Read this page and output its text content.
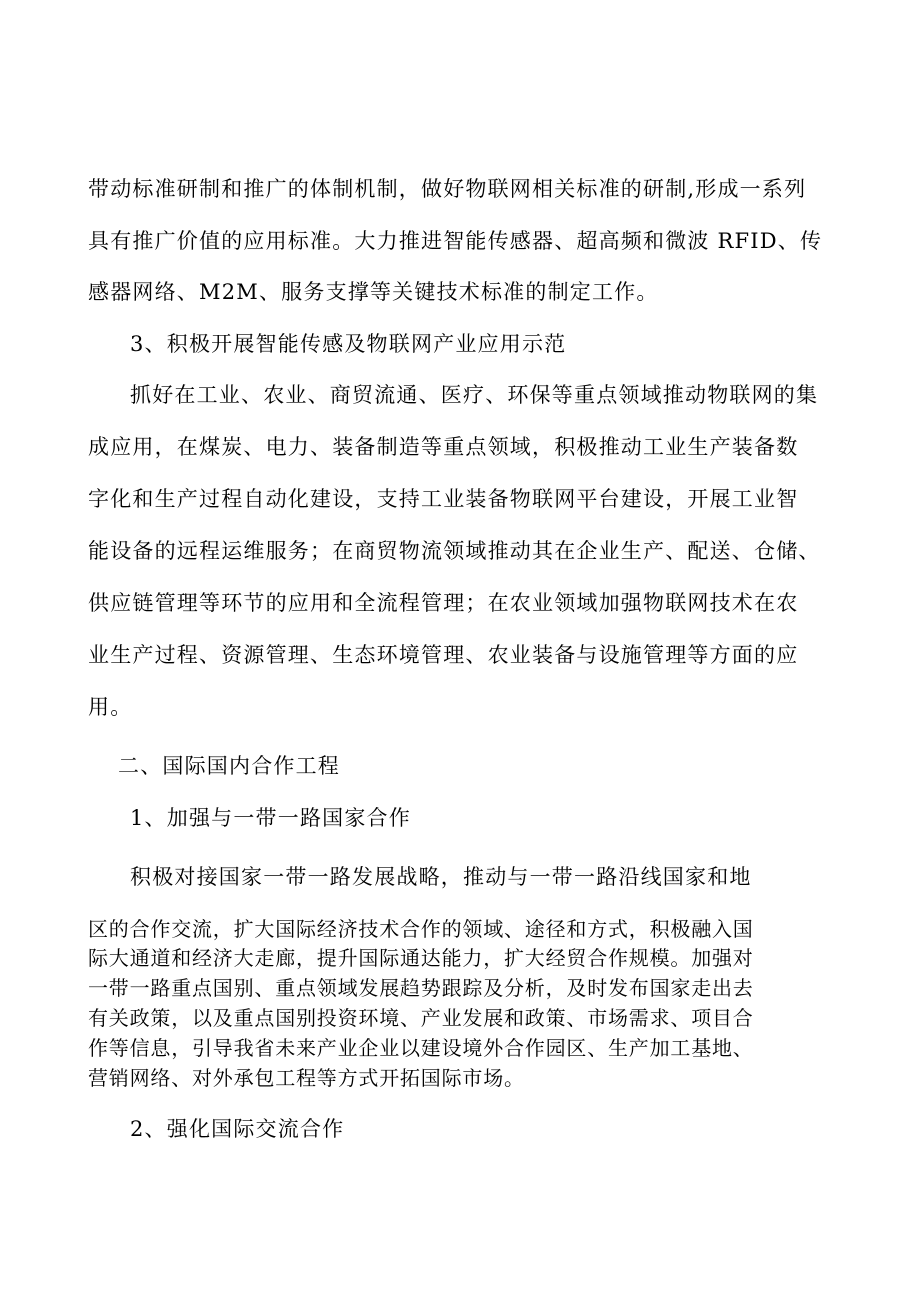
带动标准研制和推广的体制机制，做好物联网相关标准的研制,形成一系列
具有推广价值的应用标准。大力推进智能传感器、超高频和微波 RFID、传
感器网络、M2M、服务支撑等关键技术标准的制定工作。
3、积极开展智能传感及物联网产业应用示范
抓好在工业、农业、商贸流通、医疗、环保等重点领域推动物联网的集
成应用，在煤炭、电力、装备制造等重点领域，积极推动工业生产装备数
字化和生产过程自动化建设，支持工业装备物联网平台建设，开展工业智
能设备的远程运维服务；在商贸物流领域推动其在企业生产、配送、仓储、
供应链管理等环节的应用和全流程管理；在农业领域加强物联网技术在农
业生产过程、资源管理、生态环境管理、农业装备与设施管理等方面的应
用。
二、国际国内合作工程
1、加强与一带一路国家合作
积极对接国家一带一路发展战略，推动与一带一路沿线国家和地
区的合作交流，扩大国际经济技术合作的领域、途径和方式，积极融入国
际大通道和经济大走廊，提升国际通达能力，扩大经贸合作规模。加强对
一带一路重点国别、重点领域发展趋势跟踪及分析，及时发布国家走出去
有关政策，以及重点国别投资环境、产业发展和政策、市场需求、项目合
作等信息，引导我省未来产业企业以建设境外合作园区、生产加工基地、
营销网络、对外承包工程等方式开拓国际市场。
2、强化国际交流合作
